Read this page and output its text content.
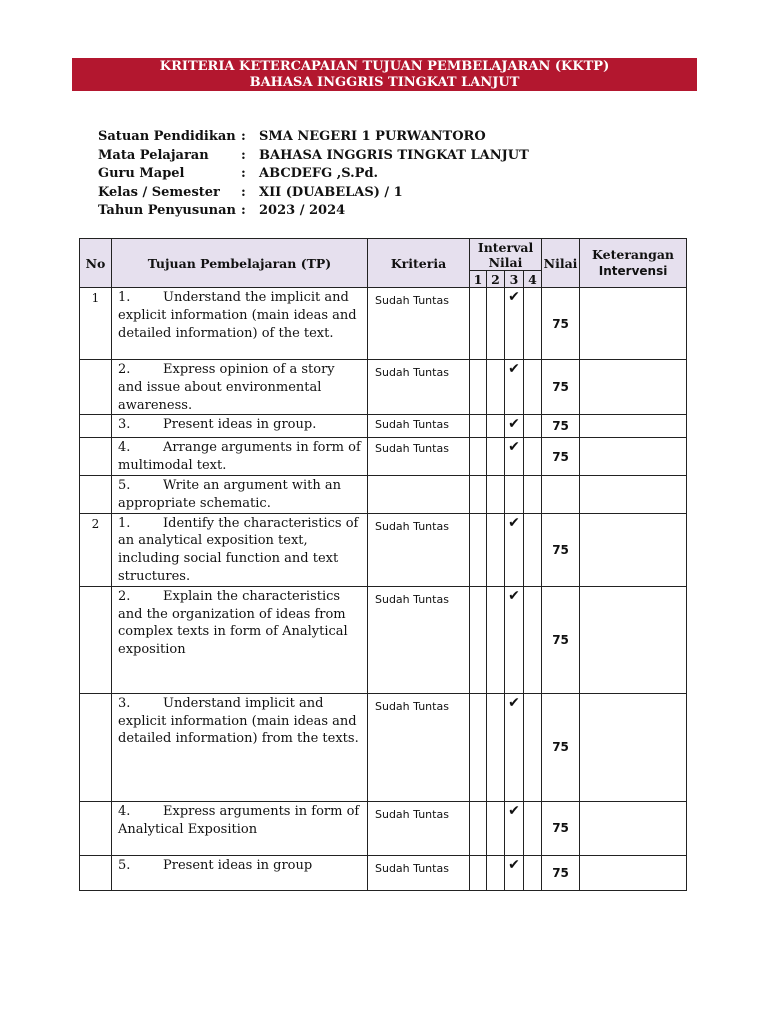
KRITERIA KETERCAPAIAN TUJUAN PEMBELAJARAN (KKTP)
BAHASA INGGRIS TINGKAT LANJUT
Satuan Pendidikan : SMA NEGERI 1 PURWANTORO
Mata Pelajaran : BAHASA INGGRIS TINGKAT LANJUT
Guru Mapel	: ABCDEFG ,S.Pd.
Kelas / Semester : XII (DUABELAS) / 1
Tahun Penyusunan : 2023 / 2024
No	Tujuan Pembelajaran (TP)	Kriteria	Interval Nilai				Nilai	Keterangan
Intervensi

			1	2	3	4		
1	1. Understand the implicit and explicit information (main ideas and
detailed information) of the text.	Sudah Tuntas			✔		75	
	2. Express opinion of a story and issue about environmental awareness.	Sudah Tuntas			✔		75	
	3. Present ideas in group.	Sudah Tuntas			✔		75	
	4. Arrange arguments in form of multimodal text.	Sudah Tuntas			✔		75	
	5. Write an argument with an appropriate schematic.							
2	1. Identify the characteristics of an analytical exposition text, including social function and text structures.	Sudah Tuntas			✔		75	
	2. Explain the characteristics and the organization of ideas from
complex texts in form of Analytical exposition	Sudah Tuntas			✔		75	
	3. Understand implicit and explicit information (main ideas and
detailed information) from the texts.	Sudah Tuntas			✔		75	
	4. Express arguments in form of Analytical Exposition	Sudah Tuntas			✔		75	
	5. Present ideas in group	Sudah Tuntas			✔		75	
